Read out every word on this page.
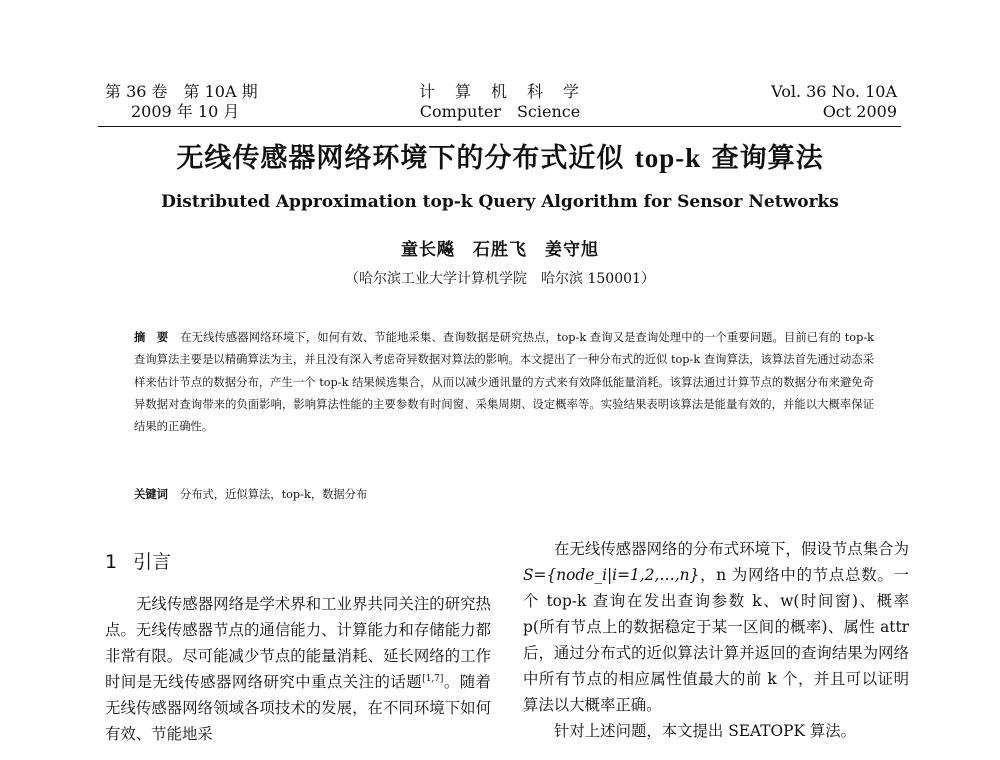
第 36 卷　第 10A 期
2009 年 10 月
计　算　机　科　学
Computer　Science
Vol. 36 No. 10A
Oct 2009
无线传感器网络环境下的分布式近似 top-k 查询算法
Distributed Approximation top-k Query Algorithm for Sensor Networks
童长飚　石胜飞　姜守旭
（哈尔滨工业大学计算机学院　哈尔滨 150001）
摘　要 在无线传感器网络环境下，如何有效、节能地采集、查询数据是研究热点，top-k 查询又是查询处理中的一个重要问题。目前已有的 top-k 查询算法主要是以精确算法为主，并且没有深入考虑奇异数据对算法的影响。本文提出了一种分布式的近似 top-k 查询算法，该算法首先通过动态采样来估计节点的数据分布，产生一个 top-k 结果候选集合，从而以减少通讯量的方式来有效降低能量消耗。该算法通过计算节点的数据分布来避免奇异数据对查询带来的负面影响，影响算法性能的主要参数有时间窗、采集周期、设定概率等。实验结果表明该算法是能量有效的，并能以大概率保证结果的正确性。
关键词 分布式，近似算法，top-k，数据分布
1 引言

无线传感器网络是学术界和工业界共同关注的研究热点。无线传感器节点的通信能力、计算能力和存储能力都非常有限。尽可能减少节点的能量消耗、延长网络的工作时间是无线传感器网络研究中重点关注的话题[1,7]。随着无线传感器网络领域各项技术的发展，在不同环境下如何有效、节能地采

在无线传感器网络的分布式环境下，假设节点集合为 S={node_i|i=1,2,…,n}，n 为网络中的节点总数。一个 top-k 查询在发出查询参数 k、w(时间窗)、概率 p(所有节点上的数据稳定于某一区间的概率)、属性 attr 后，通过分布式的近似算法计算并返回的查询结果为网络中所有节点的相应属性值最大的前 k 个，并且可以证明算法以大概率正确。

针对上述问题，本文提出 SEATOPK 算法。
